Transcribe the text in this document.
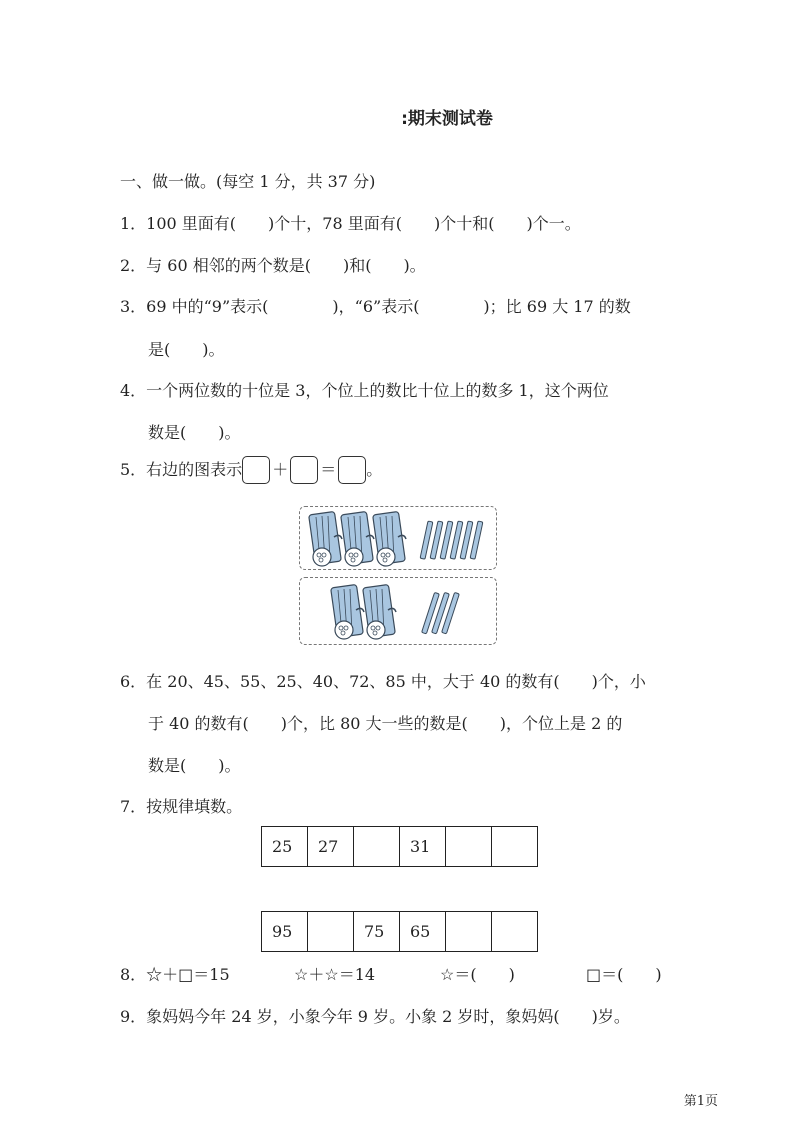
:期末测试卷
一、做一做。(每空 1 分，共 37 分)
1．100 里面有(　　)个十，78 里面有(　　)个十和(　　)个一。
2．与 60 相邻的两个数是(　　)和(　　)。
3．69 中的“9”表示(　　　　)，“6”表示(　　　　)；比 69 大 17 的数
是(　　)。
4．一个两位数的十位是 3，个位上的数比十位上的数多 1，这个两位
数是(　　)。
5．右边的图表示 ＋ ＝ 。
6．在 20、45、55、25、40、72、85 中，大于 40 的数有(　　)个，小
于 40 的数有(　　)个，比 80 大一些的数是(　　)，个位上是 2 的
数是(　　)。
7．按规律填数。
25	27		31		
95		75	65		
8．☆＋□＝15	☆＋☆＝14	☆＝(　　)	□＝(　　)
9．象妈妈今年 24 岁，小象今年 9 岁。小象 2 岁时，象妈妈(　　)岁。
第1页
